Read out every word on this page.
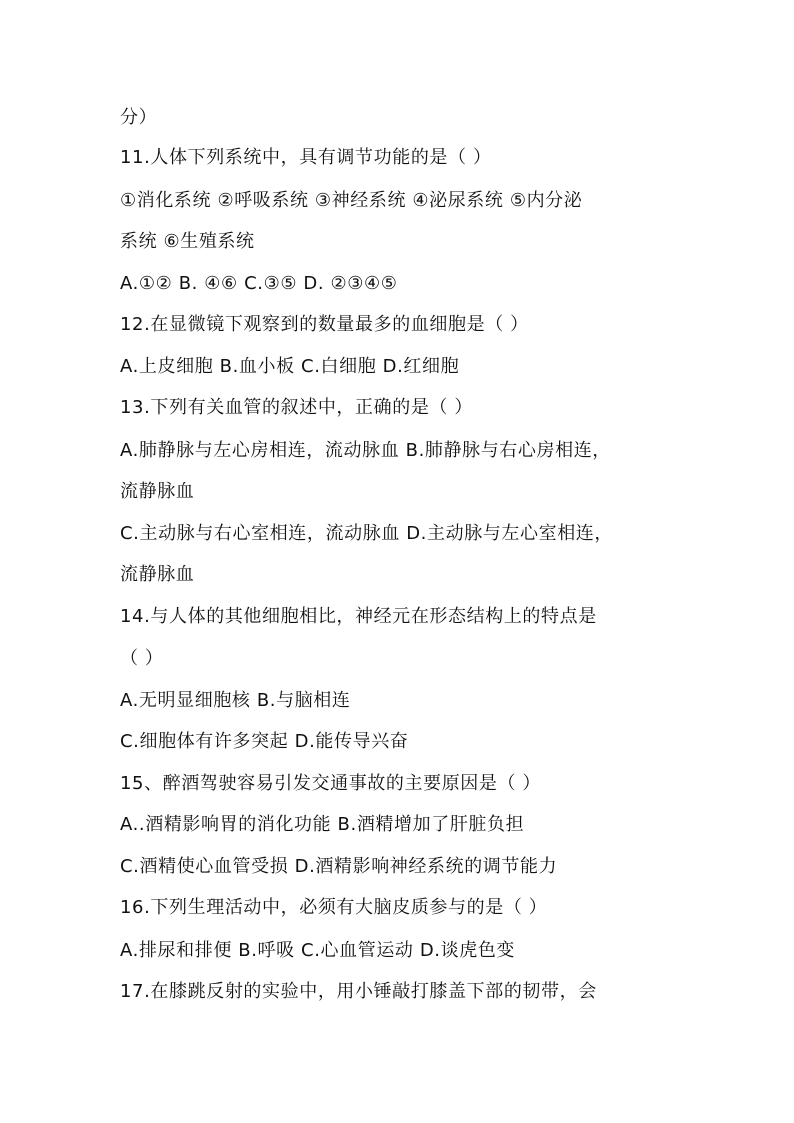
分）
11.人体下列系统中，具有调节功能的是（ ）
①消化系统 ②呼吸系统 ③神经系统 ④泌尿系统 ⑤内分泌
系统 ⑥生殖系统
A.①② B. ④⑥ C.③⑤ D. ②③④⑤
12.在显微镜下观察到的数量最多的血细胞是（ ）
A.上皮细胞 B.血小板 C.白细胞 D.红细胞
13.下列有关血管的叙述中，正确的是（ ）
A.肺静脉与左心房相连，流动脉血 B.肺静脉与右心房相连，
流静脉血
C.主动脉与右心室相连，流动脉血 D.主动脉与左心室相连，
流静脉血
14.与人体的其他细胞相比，神经元在形态结构上的特点是
（ ）
A.无明显细胞核 B.与脑相连
C.细胞体有许多突起 D.能传导兴奋
15、醉酒驾驶容易引发交通事故的主要原因是（ ）
A..酒精影响胃的消化功能 B.酒精增加了肝脏负担
C.酒精使心血管受损 D.酒精影响神经系统的调节能力
16.下列生理活动中，必须有大脑皮质参与的是（ ）
A.排尿和排便 B.呼吸 C.心血管运动 D.谈虎色变
17.在膝跳反射的实验中，用小锤敲打膝盖下部的韧带，会
